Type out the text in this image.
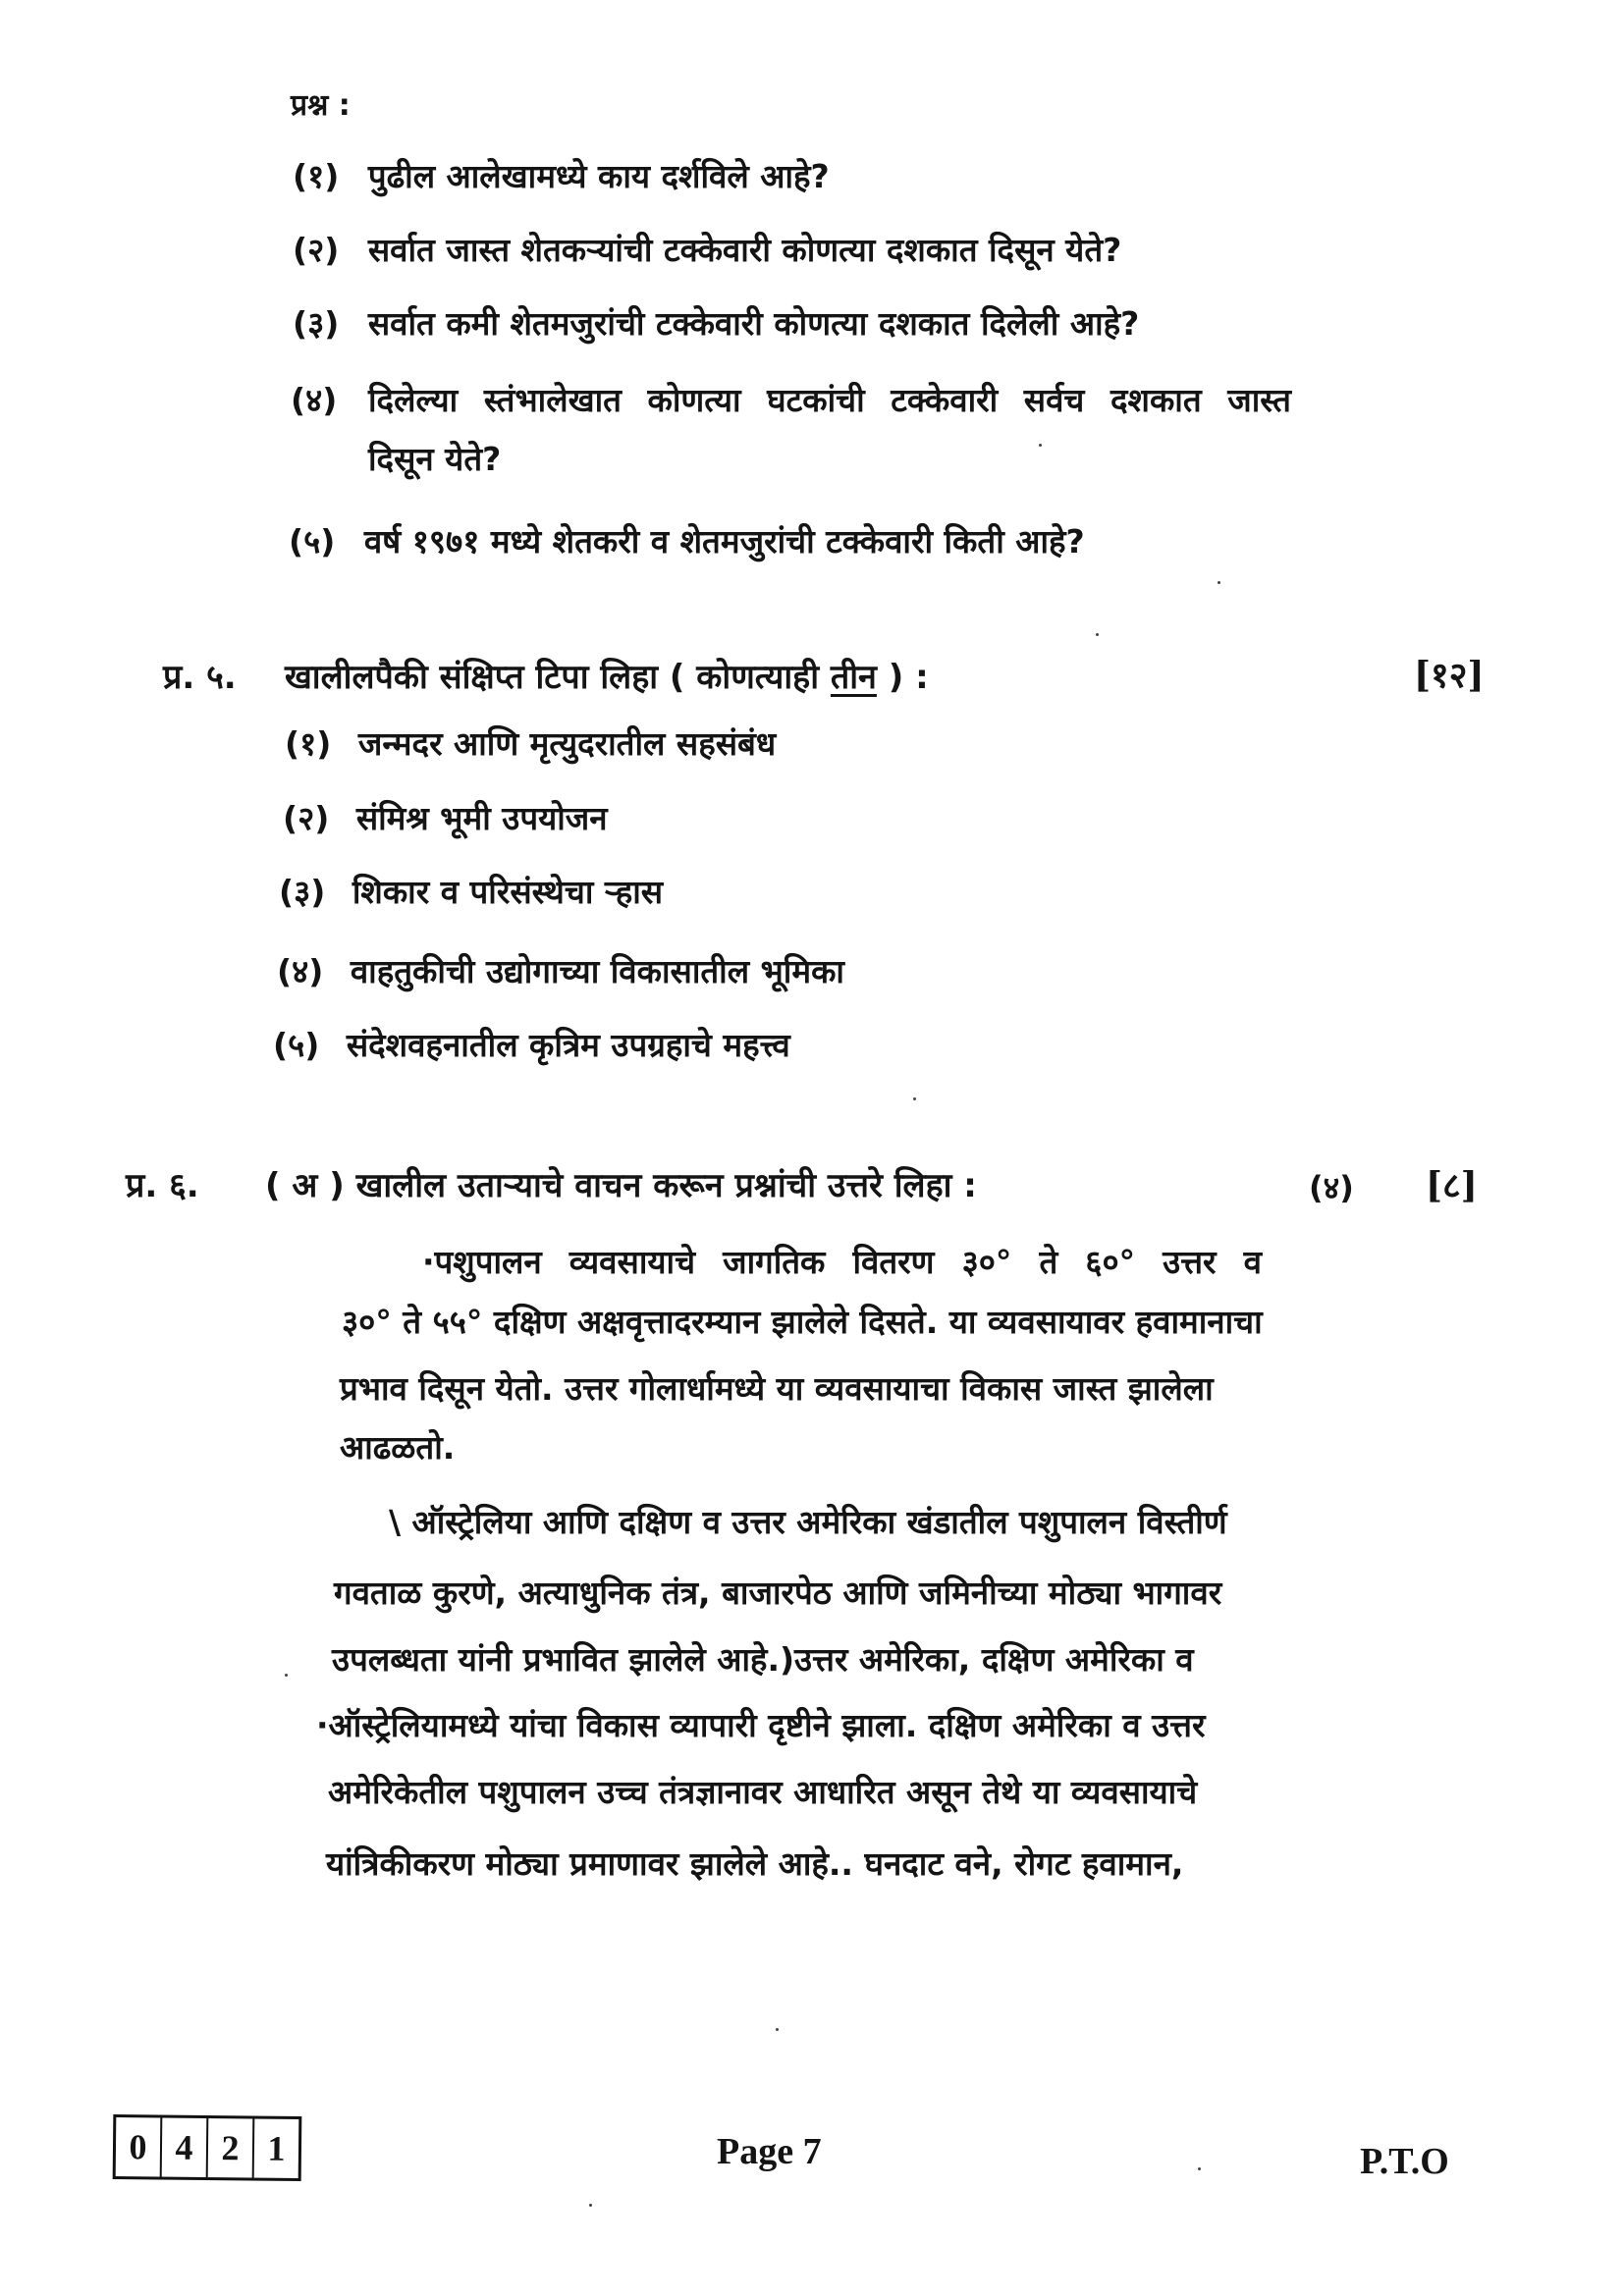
प्रश्न :
(१) पुढील आलेखामध्ये काय दर्शविले आहे?
(२) सर्वात जास्त शेतकऱ्यांची टक्केवारी कोणत्या दशकात दिसून येते?
(३) सर्वात कमी शेतमजुरांची टक्केवारी कोणत्या दशकात दिलेली आहे?
(४) दिलेल्या स्तंभालेखात कोणत्या घटकांची टक्केवारी सर्वच दशकात जास्त
दिसून येते?
(५) वर्ष १९७१ मध्ये शेतकरी व शेतमजुरांची टक्केवारी किती आहे?
प्र. ५. खालीलपैकी संक्षिप्त टिपा लिहा ( कोणत्याही तीन ) :	[१२]
(१) जन्मदर आणि मृत्युदरातील सहसंबंध
(२) संमिश्र भूमी उपयोजन
(३) शिकार व परिसंस्थेचा ऱ्हास
(४) वाहतुकीची उद्योगाच्या विकासातील भूमिका
(५) संदेशवहनातील कृत्रिम उपग्रहाचे महत्त्व
प्र. ६. ( अ ) खालील उताऱ्याचे वाचन करून प्रश्नांची उत्तरे लिहा :	(४) [८]
·पशुपालन व्यवसायाचे जागतिक वितरण ३०° ते ६०° उत्तर व
३०° ते ५५° दक्षिण अक्षवृत्तादरम्यान झालेले दिसते. या व्यवसायावर हवामानाचा
प्रभाव दिसून येतो. उत्तर गोलार्धामध्ये या व्यवसायाचा विकास जास्त झालेला
आढळतो.
\ ऑस्ट्रेलिया आणि दक्षिण व उत्तर अमेरिका खंडातील पशुपालन विस्तीर्ण
गवताळ कुरणे, अत्याधुनिक तंत्र, बाजारपेठ आणि जमिनीच्या मोठ्या भागावर
उपलब्धता यांनी प्रभावित झालेले आहे.)उत्तर अमेरिका, दक्षिण अमेरिका व
·ऑस्ट्रेलियामध्ये यांचा विकास व्यापारी दृष्टीने झाला. दक्षिण अमेरिका व उत्तर
अमेरिकेतील पशुपालन उच्च तंत्रज्ञानावर आधारित असून तेथे या व्यवसायाचे
यांत्रिकीकरण मोठ्या प्रमाणावर झालेले आहे.. घनदाट वने, रोगट हवामान,
0 4 2 1	Page 7	P.T.O
